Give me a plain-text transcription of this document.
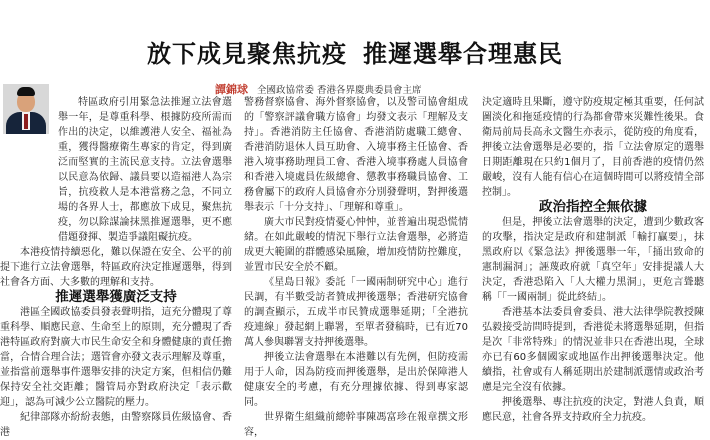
放下成見聚焦抗疫 推遲選舉合理惠民
譚錦球 全國政協常委 香港各界慶典委員會主席

特區政府引用緊急法推遲立法會選舉一年，是尊重科學、根據防疫所需而作出的決定，以維護港人安全、福祉為重，獲得醫療衛生專家的肯定，得到廣泛而堅實的主流民意支持。立法會選舉以民意為依歸、議員要以造福港人為宗旨，抗疫救人是本港當務之急，不同立場的各界人士，都應放下成見，聚焦抗疫，勿以除謀論抹黑推遲選舉，更不應借題發揮、製造爭議阻礙抗疫。

本港疫情持續惡化，難以保證在安全、公平的前提下進行立法會選舉，特區政府決定推遲選舉，得到社會各方面、大多數的理解和支持。

推遲選舉獲廣泛支持

港區全國政協委員發表聲明指，這充分體現了尊重科學、順應民意、生命至上的原則，充分體現了香港特區政府對廣大市民生命安全和身體健康的責任擔當，合情合理合法；選管會亦發文表示理解及尊重，並指當前選舉事件選舉安排的決定方案，但相信仍難保持安全社交距離；醫管局亦對政府決定「表示歡迎」，認為可減少公立醫院的壓力。

紀律部隊亦紛紛表態，由警察隊員佐級協會、香港

警務督察協會、海外督察協會，以及警司協會組成的「警察評議會職方協會」均發文表示「理解及支持」。香港消防主任協會、香港消防處職工總會、香港消防退休人員互助會、入境事務主任協會、香港入境事務助理員工會、香港入境事務處人員協會和香港入境處員佐級總會、懲教事務職員協會、工務會屬下的政府人員協會亦分別發聲明，對押後選舉表示「十分支持」、「理解和尊重」。

廣大市民對疫情憂心忡忡，並普遍出現恐慌情緒。在如此嚴峻的情況下舉行立法會選舉，必將造成更大範圍的群體感染風險，增加疫情防控難度，並置市民安全於不顧。

《星島日報》委託「一國兩制研究中心」進行民調，有半數受訪者贊成押後選舉；香港研究協會的調查顯示，五成半市民贊成選舉延期；「全港抗疫連線」發起網上聯署，至單者發稿時，已有近70萬人參與聯署支持押後選舉。

押後立法會選舉在本港難以有先例，但防疫需用于人命，因為防疫而押後選舉，是出於保障港人健康安全的考慮，有充分理據依據、得到專家認同。

世界衛生組織前總幹事陳馮富珍在報章撰文形容，

決定適時且果斷，遵守防疫規定極其重要，任何試圖淡化和拖延疫情的行為都會帶來災難性後果。食衛局前局長高永文醫生亦表示，從防疫的角度看，押後立法會選舉是必要的，指「立法會原定的選舉日期距離現在只約1個月了，目前香港的疫情仍然嚴峻，沒有人能有信心在這個時間可以將疫情全部控制」。

政治指控全無依據

但是，押後立法會選舉的決定，遭到少數政客的攻擊，指決定是政府和建制派「輸打贏要」，抹黑政府以《緊急法》押後選舉一年，「捅出致命的憲制漏洞」；誣蔑政府就「真空年」安排提議人大決定，香港恐陷入「人大權力黑洞」，更危言聳聽稱「「一國兩制」從此終結」。

香港基本法委員會委員、港大法律學院教授陳弘毅接受訪問時提到，香港從未將選舉延期，但指是次「非常特殊」的情況並非只在香港出現，全球亦已有60多個國家或地區作出押後選舉決定。他續指，社會或有人稱延期出於建制派選情或政治考慮是完全沒有依據。

押後選舉、專注抗疫的決定，對港人負責，順應民意，社會各界支持政府全力抗疫。
